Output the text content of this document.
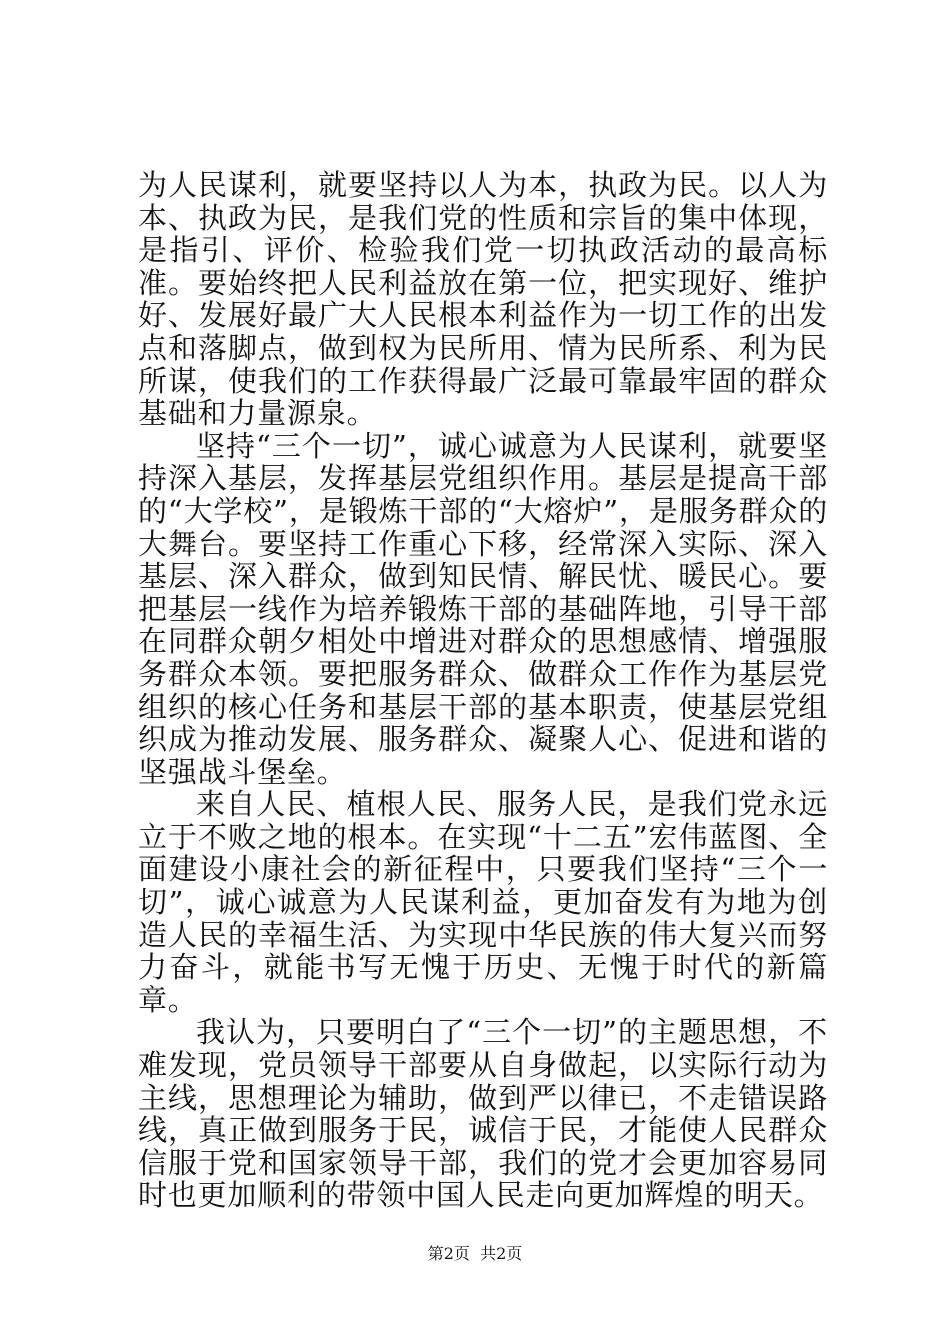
为人民谋利，就要坚持以人为本，执政为民。以人为本、执政为民，是我们党的性质和宗旨的集中体现，是指引、评价、检验我们党一切执政活动的最高标准。要始终把人民利益放在第一位，把实现好、维护好、发展好最广大人民根本利益作为一切工作的出发点和落脚点，做到权为民所用、情为民所系、利为民所谋，使我们的工作获得最广泛最可靠最牢固的群众基础和力量源泉。

坚持“三个一切”，诚心诚意为人民谋利，就要坚持深入基层，发挥基层党组织作用。基层是提高干部的“大学校”，是锻炼干部的“大熔炉”，是服务群众的大舞台。要坚持工作重心下移，经常深入实际、深入基层、深入群众，做到知民情、解民忧、暖民心。要把基层一线作为培养锻炼干部的基础阵地，引导干部在同群众朝夕相处中增进对群众的思想感情、增强服务群众本领。要把服务群众、做群众工作作为基层党组织的核心任务和基层干部的基本职责，使基层党组织成为推动发展、服务群众、凝聚人心、促进和谐的坚强战斗堡垒。

来自人民、植根人民、服务人民，是我们党永远立于不败之地的根本。在实现“十二五”宏伟蓝图、全面建设小康社会的新征程中，只要我们坚持“三个一切”，诚心诚意为人民谋利益，更加奋发有为地为创造人民的幸福生活、为实现中华民族的伟大复兴而努力奋斗，就能书写无愧于历史、无愧于时代的新篇章。

我认为，只要明白了“三个一切”的主题思想，不难发现，党员领导干部要从自身做起，以实际行动为主线，思想理论为辅助，做到严以律已，不走错误路线，真正做到服务于民，诚信于民，才能使人民群众信服于党和国家领导干部，我们的党才会更加容易同时也更加顺利的带领中国人民走向更加辉煌的明天。

第2页  共2页
